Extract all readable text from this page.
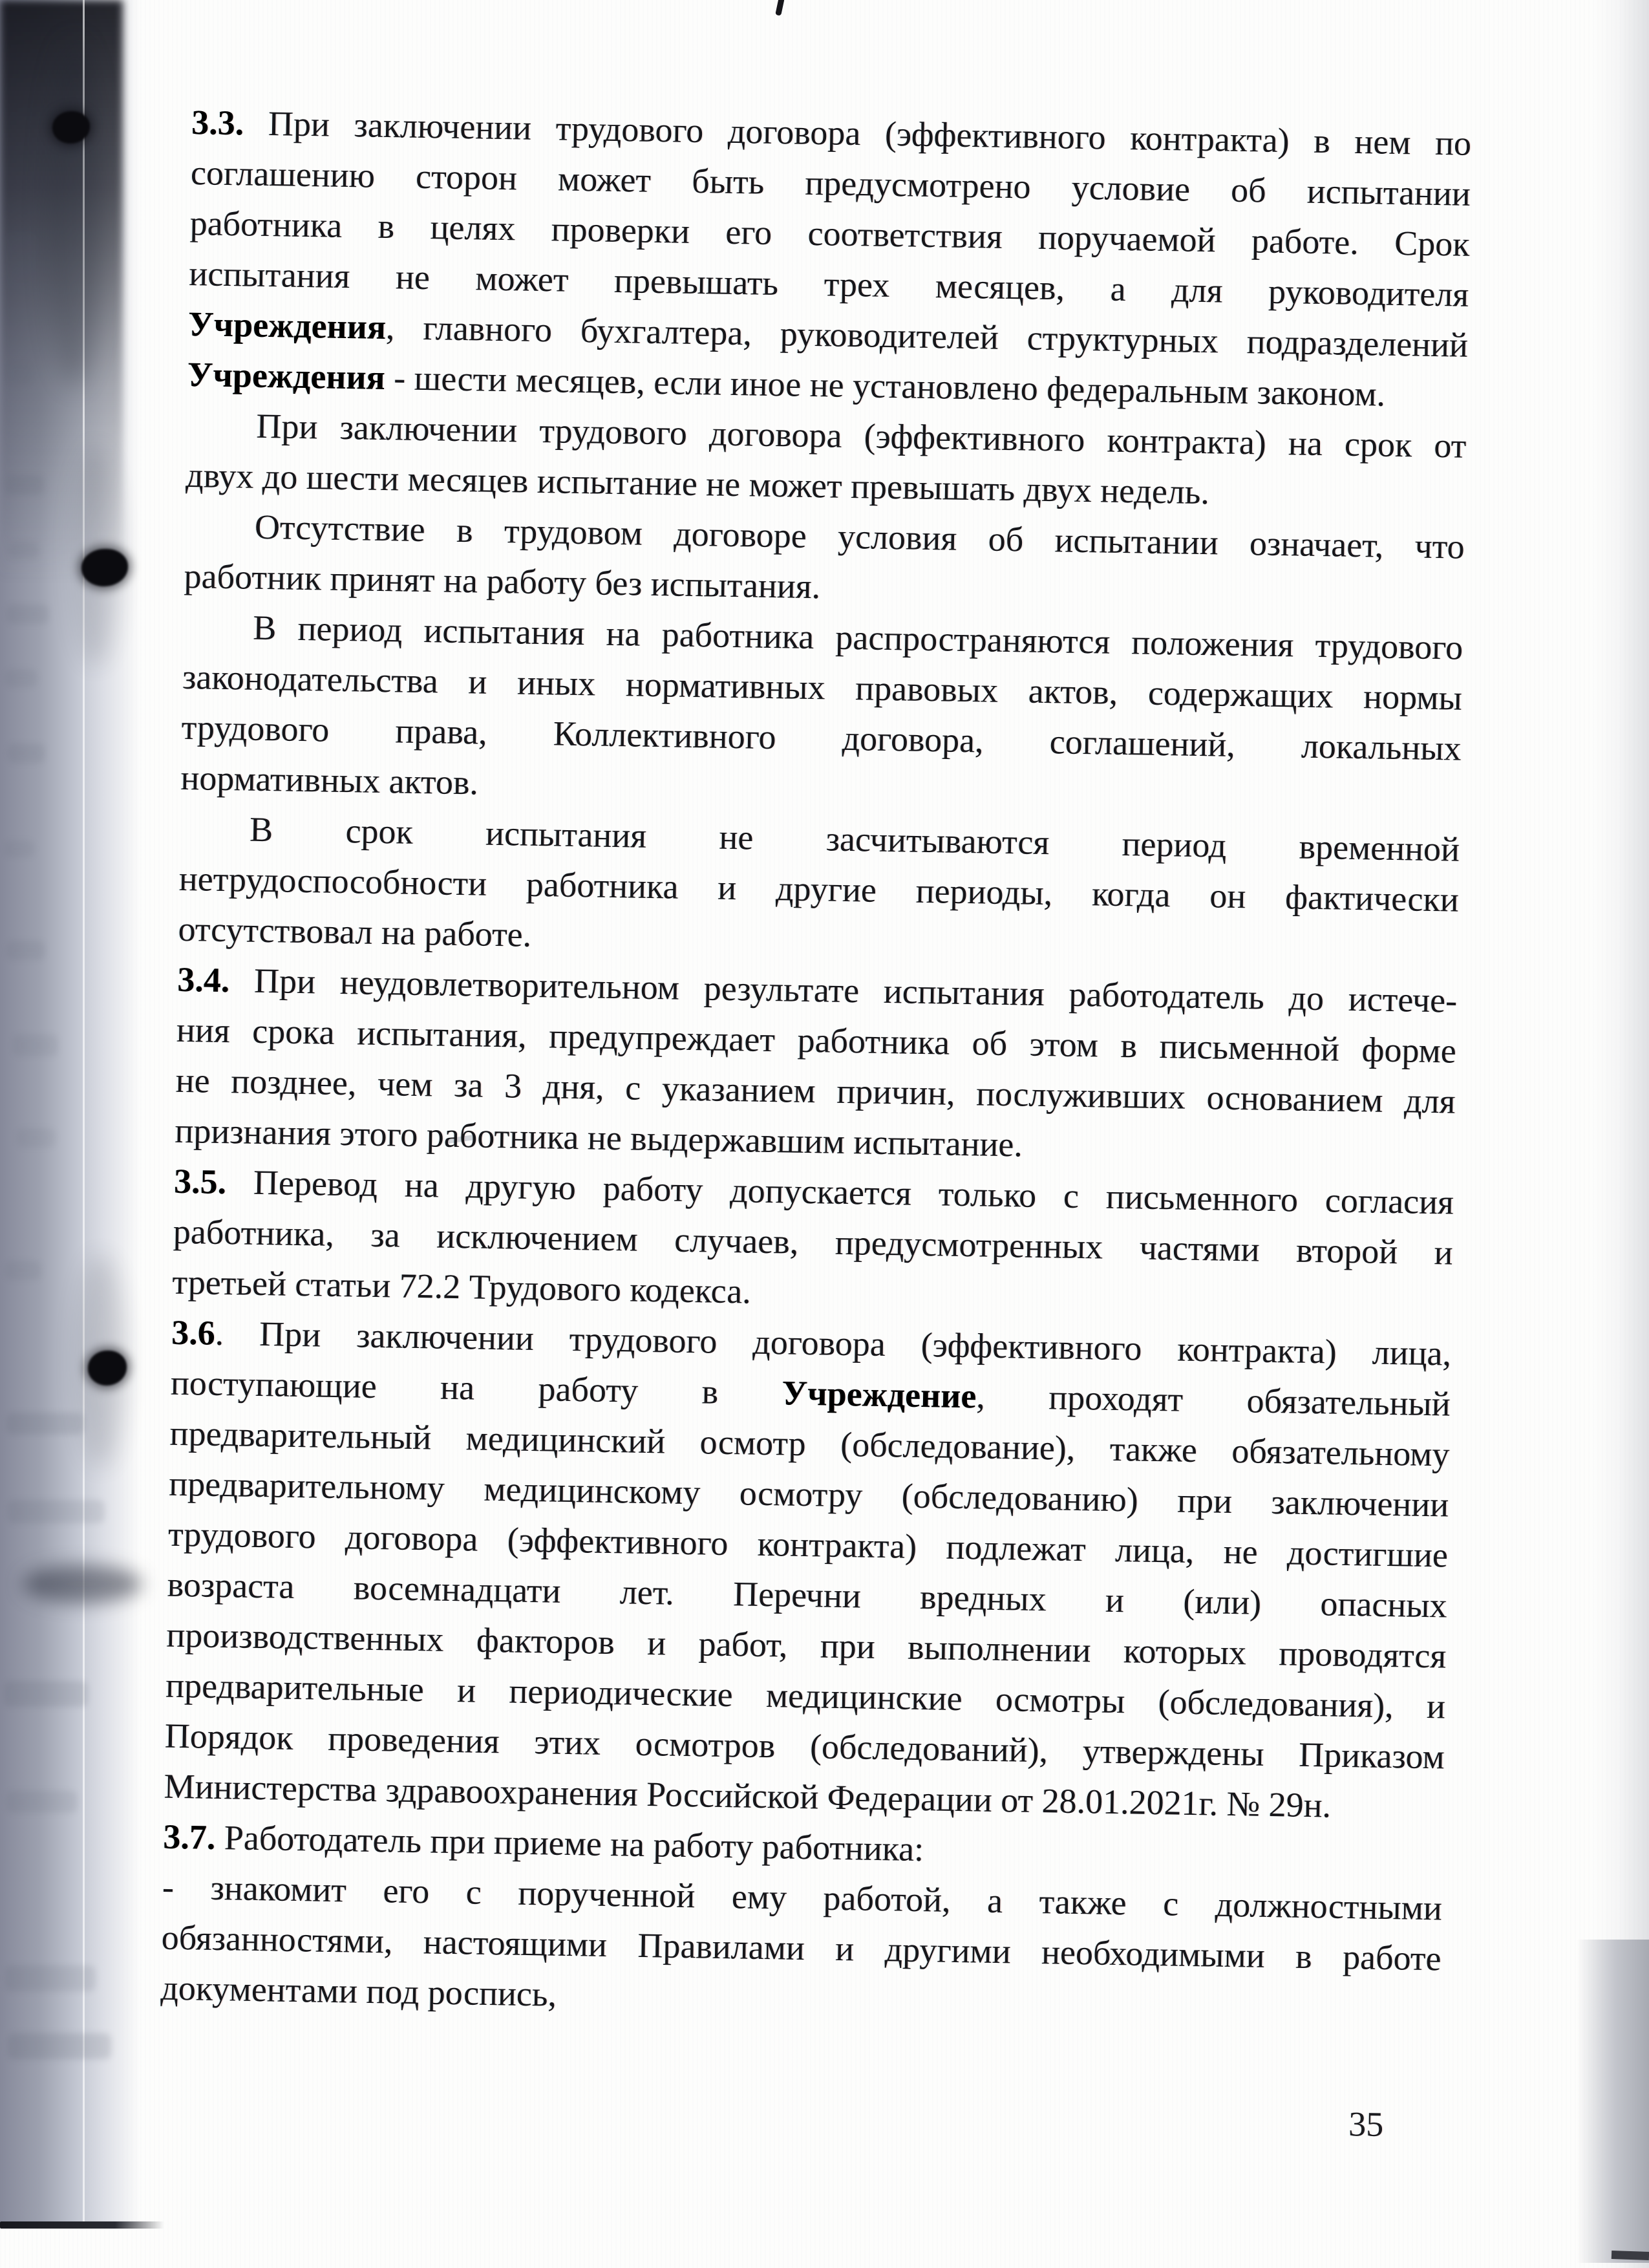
3.3. При заключении трудового договора (эффективного контракта) в нем по
соглашению сторон может быть предусмотрено условие об испытании
работника в целях проверки его соответствия поручаемой работе. Срок
испытания не может превышать трех месяцев, а для руководителя
Учреждения, главного бухгалтера, руководителей структурных подразделений
Учреждения - шести месяцев, если иное не установлено федеральным законом.
При заключении трудового договора (эффективного контракта) на срок от
двух до шести месяцев испытание не может превышать двух недель.
Отсутствие в трудовом договоре условия об испытании означает, что
работник принят на работу без испытания.
В период испытания на работника распространяются положения трудового
законодательства и иных нормативных правовых актов, содержащих нормы
трудового права, Коллективного договора, соглашений, локальных
нормативных актов.
В срок испытания не засчитываются период временной
нетрудоспособности работника и другие периоды, когда он фактически
отсутствовал на работе.
3.4. При неудовлетворительном результате испытания работодатель до истече-
ния срока испытания, предупреждает работника об этом в письменной форме
не позднее, чем за 3 дня, с указанием причин, послуживших основанием для
признания этого работника не выдержавшим испытание.
3.5. Перевод на другую работу допускается только с письменного согласия
работника, за исключением случаев, предусмотренных частями второй и
третьей статьи 72.2 Трудового кодекса.
3.6. При заключении трудового договора (эффективного контракта) лица,
поступающие на работу в Учреждение, проходят обязательный
предварительный медицинский осмотр (обследование), также обязательному
предварительному медицинскому осмотру (обследованию) при заключении
трудового договора (эффективного контракта) подлежат лица, не достигшие
возраста восемнадцати лет. Перечни вредных и (или) опасных
производственных факторов и работ, при выполнении которых проводятся
предварительные и периодические медицинские осмотры (обследования), и
Порядок проведения этих осмотров (обследований), утверждены Приказом
Министерства здравоохранения Российской Федерации от 28.01.2021г. № 29н.
3.7. Работодатель при приеме на работу работника:
- знакомит его с порученной ему работой, а также с должностными
обязанностями, настоящими Правилами и другими необходимыми в работе
документами под роспись,
35
